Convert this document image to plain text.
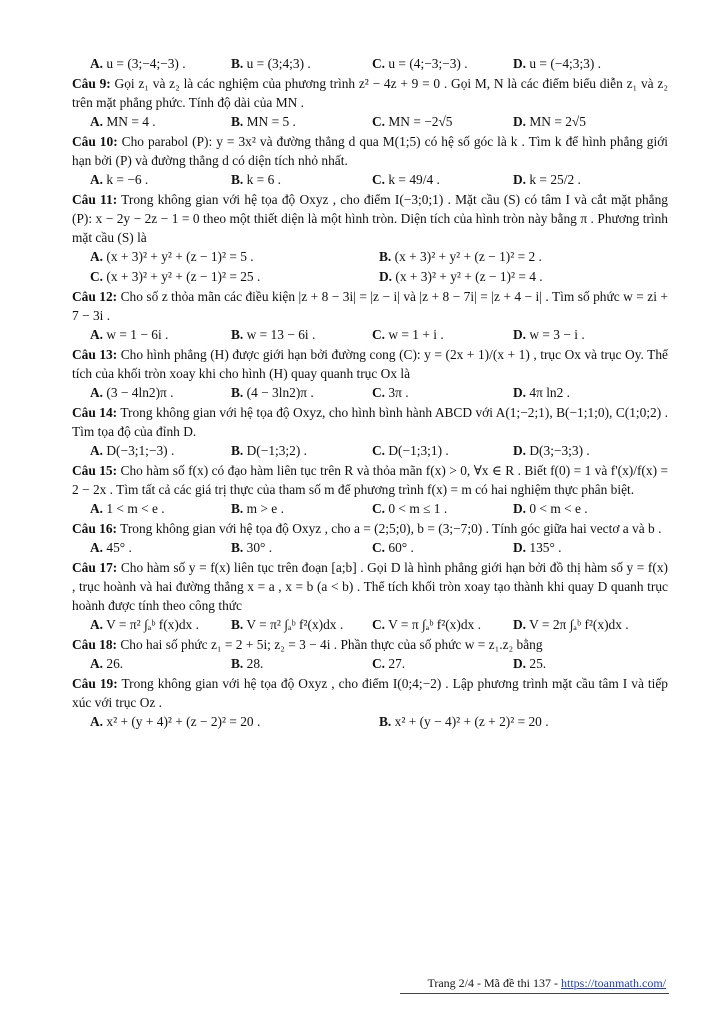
A. u = (3;−4;−3) .	B. u = (3;4;3) .	C. u = (4;−3;−3) .	D. u = (−4;3;3) .
Câu 9: Gọi z₁ và z₂ là các nghiệm của phương trình z² − 4z + 9 = 0 . Gọi M, N là các điểm biểu diễn z₁ và z₂ trên mặt phẳng phức. Tính độ dài của MN .
A. MN = 4 .	B. MN = 5 .	C. MN = −2√5	D. MN = 2√5
Câu 10: Cho parabol (P): y = 3x² và đường thẳng d qua M(1;5) có hệ số góc là k . Tìm k để hình phẳng giới hạn bởi (P) và đường thẳng d có diện tích nhỏ nhất.
A. k = −6 .	B. k = 6 .	C. k = 49/4 .	D. k = 25/2 .
Câu 11: Trong không gian với hệ tọa độ Oxyz , cho điểm I(−3;0;1) . Mặt cầu (S) có tâm I và cắt mặt phẳng (P): x − 2y − 2z − 1 = 0 theo một thiết diện là một hình tròn. Diện tích của hình tròn này bằng π . Phương trình mặt cầu (S) là
A. (x + 3)² + y² + (z − 1)² = 5 .	B. (x + 3)² + y² + (z − 1)² = 2 .
C. (x + 3)² + y² + (z − 1)² = 25 .	D. (x + 3)² + y² + (z − 1)² = 4 .
Câu 12: Cho số z thỏa mãn các điều kiện |z + 8 − 3i| = |z − i| và |z + 8 − 7i| = |z + 4 − i| . Tìm số phức w = zi + 7 − 3i .
A. w = 1 − 6i .	B. w = 13 − 6i .	C. w = 1 + i .	D. w = 3 − i .
Câu 13: Cho hình phẳng (H) được giới hạn bởi đường cong (C): y = (2x + 1)/(x + 1) , trục Ox và trục Oy. Thể tích của khối tròn xoay khi cho hình (H) quay quanh trục Ox là
A. (3 − 4ln2)π .	B. (4 − 3ln2)π .	C. 3π .	D. 4π ln2 .
Câu 14: Trong không gian với hệ tọa độ Oxyz, cho hình bình hành ABCD với A(1;−2;1), B(−1;1;0), C(1;0;2) . Tìm tọa độ của đỉnh D.
A. D(−3;1;−3) .	B. D(−1;3;2) .	C. D(−1;3;1) .	D. D(3;−3;3) .
Câu 15: Cho hàm số f(x) có đạo hàm liên tục trên R và thỏa mãn f(x) > 0, ∀x ∈ R . Biết f(0) = 1 và f'(x)/f(x) = 2 − 2x . Tìm tất cả các giá trị thực của tham số m để phương trình f(x) = m có hai nghiệm thực phân biệt.
A. 1 < m < e .	B. m > e .	C. 0 < m ≤ 1 .	D. 0 < m < e .
Câu 16: Trong không gian với hệ tọa độ Oxyz , cho a = (2;5;0), b = (3;−7;0) . Tính góc giữa hai vectơ a và b .
A. 45° .	B. 30° .	C. 60° .	D. 135° .
Câu 17: Cho hàm số y = f(x) liên tục trên đoạn [a;b] . Gọi D là hình phẳng giới hạn bởi đồ thị hàm số y = f(x) , trục hoành và hai đường thẳng x = a , x = b (a < b) . Thể tích khối tròn xoay tạo thành khi quay D quanh trục hoành được tính theo công thức
A. V = π² ∫ₐᵇ f(x)dx .	B. V = π² ∫ₐᵇ f²(x)dx .	C. V = π ∫ₐᵇ f²(x)dx .	D. V = 2π ∫ₐᵇ f²(x)dx .
Câu 18: Cho hai số phức z₁ = 2 + 5i; z₂ = 3 − 4i . Phần thực của số phức w = z₁.z₂ bằng
A. 26.	B. 28.	C. 27.	D. 25.
Câu 19: Trong không gian với hệ tọa độ Oxyz , cho điểm I(0;4;−2) . Lập phương trình mặt cầu tâm I và tiếp xúc với trục Oz .
A. x² + (y + 4)² + (z − 2)² = 20 .	B. x² + (y − 4)² + (z + 2)² = 20 .
Trang 2/4 - Mã đề thi 137 - https://toanmath.com/
